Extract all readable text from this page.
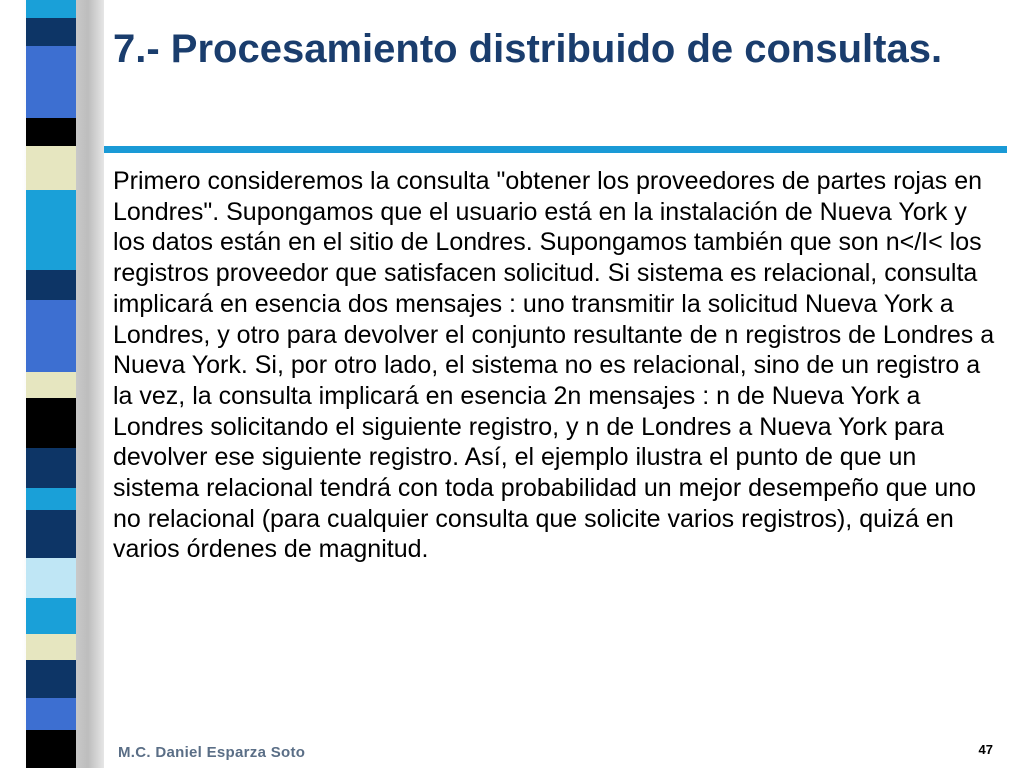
7.- Procesamiento distribuido de consultas.

Primero consideremos la consulta "obtener los proveedores de partes rojas en Londres". Supongamos que el usuario está en la instalación de Nueva York y los datos están en el sitio de Londres. Supongamos también que son n</I< los registros proveedor que satisfacen solicitud. Si sistema es relacional, consulta implicará en esencia dos mensajes : uno transmitir la solicitud Nueva York a Londres, y otro para devolver el conjunto resultante de n registros de Londres a Nueva York. Si, por otro lado, el sistema no es relacional, sino de un registro a la vez, la consulta implicará en esencia 2n mensajes : n de Nueva York a Londres solicitando el siguiente registro, y n de Londres a Nueva York para devolver ese siguiente registro. Así, el ejemplo ilustra el punto de que un sistema relacional tendrá con toda probabilidad un mejor desempeño que uno no relacional (para cualquier consulta que solicite varios registros), quizá en varios órdenes de magnitud.

M.C. Daniel Esparza Soto	47
